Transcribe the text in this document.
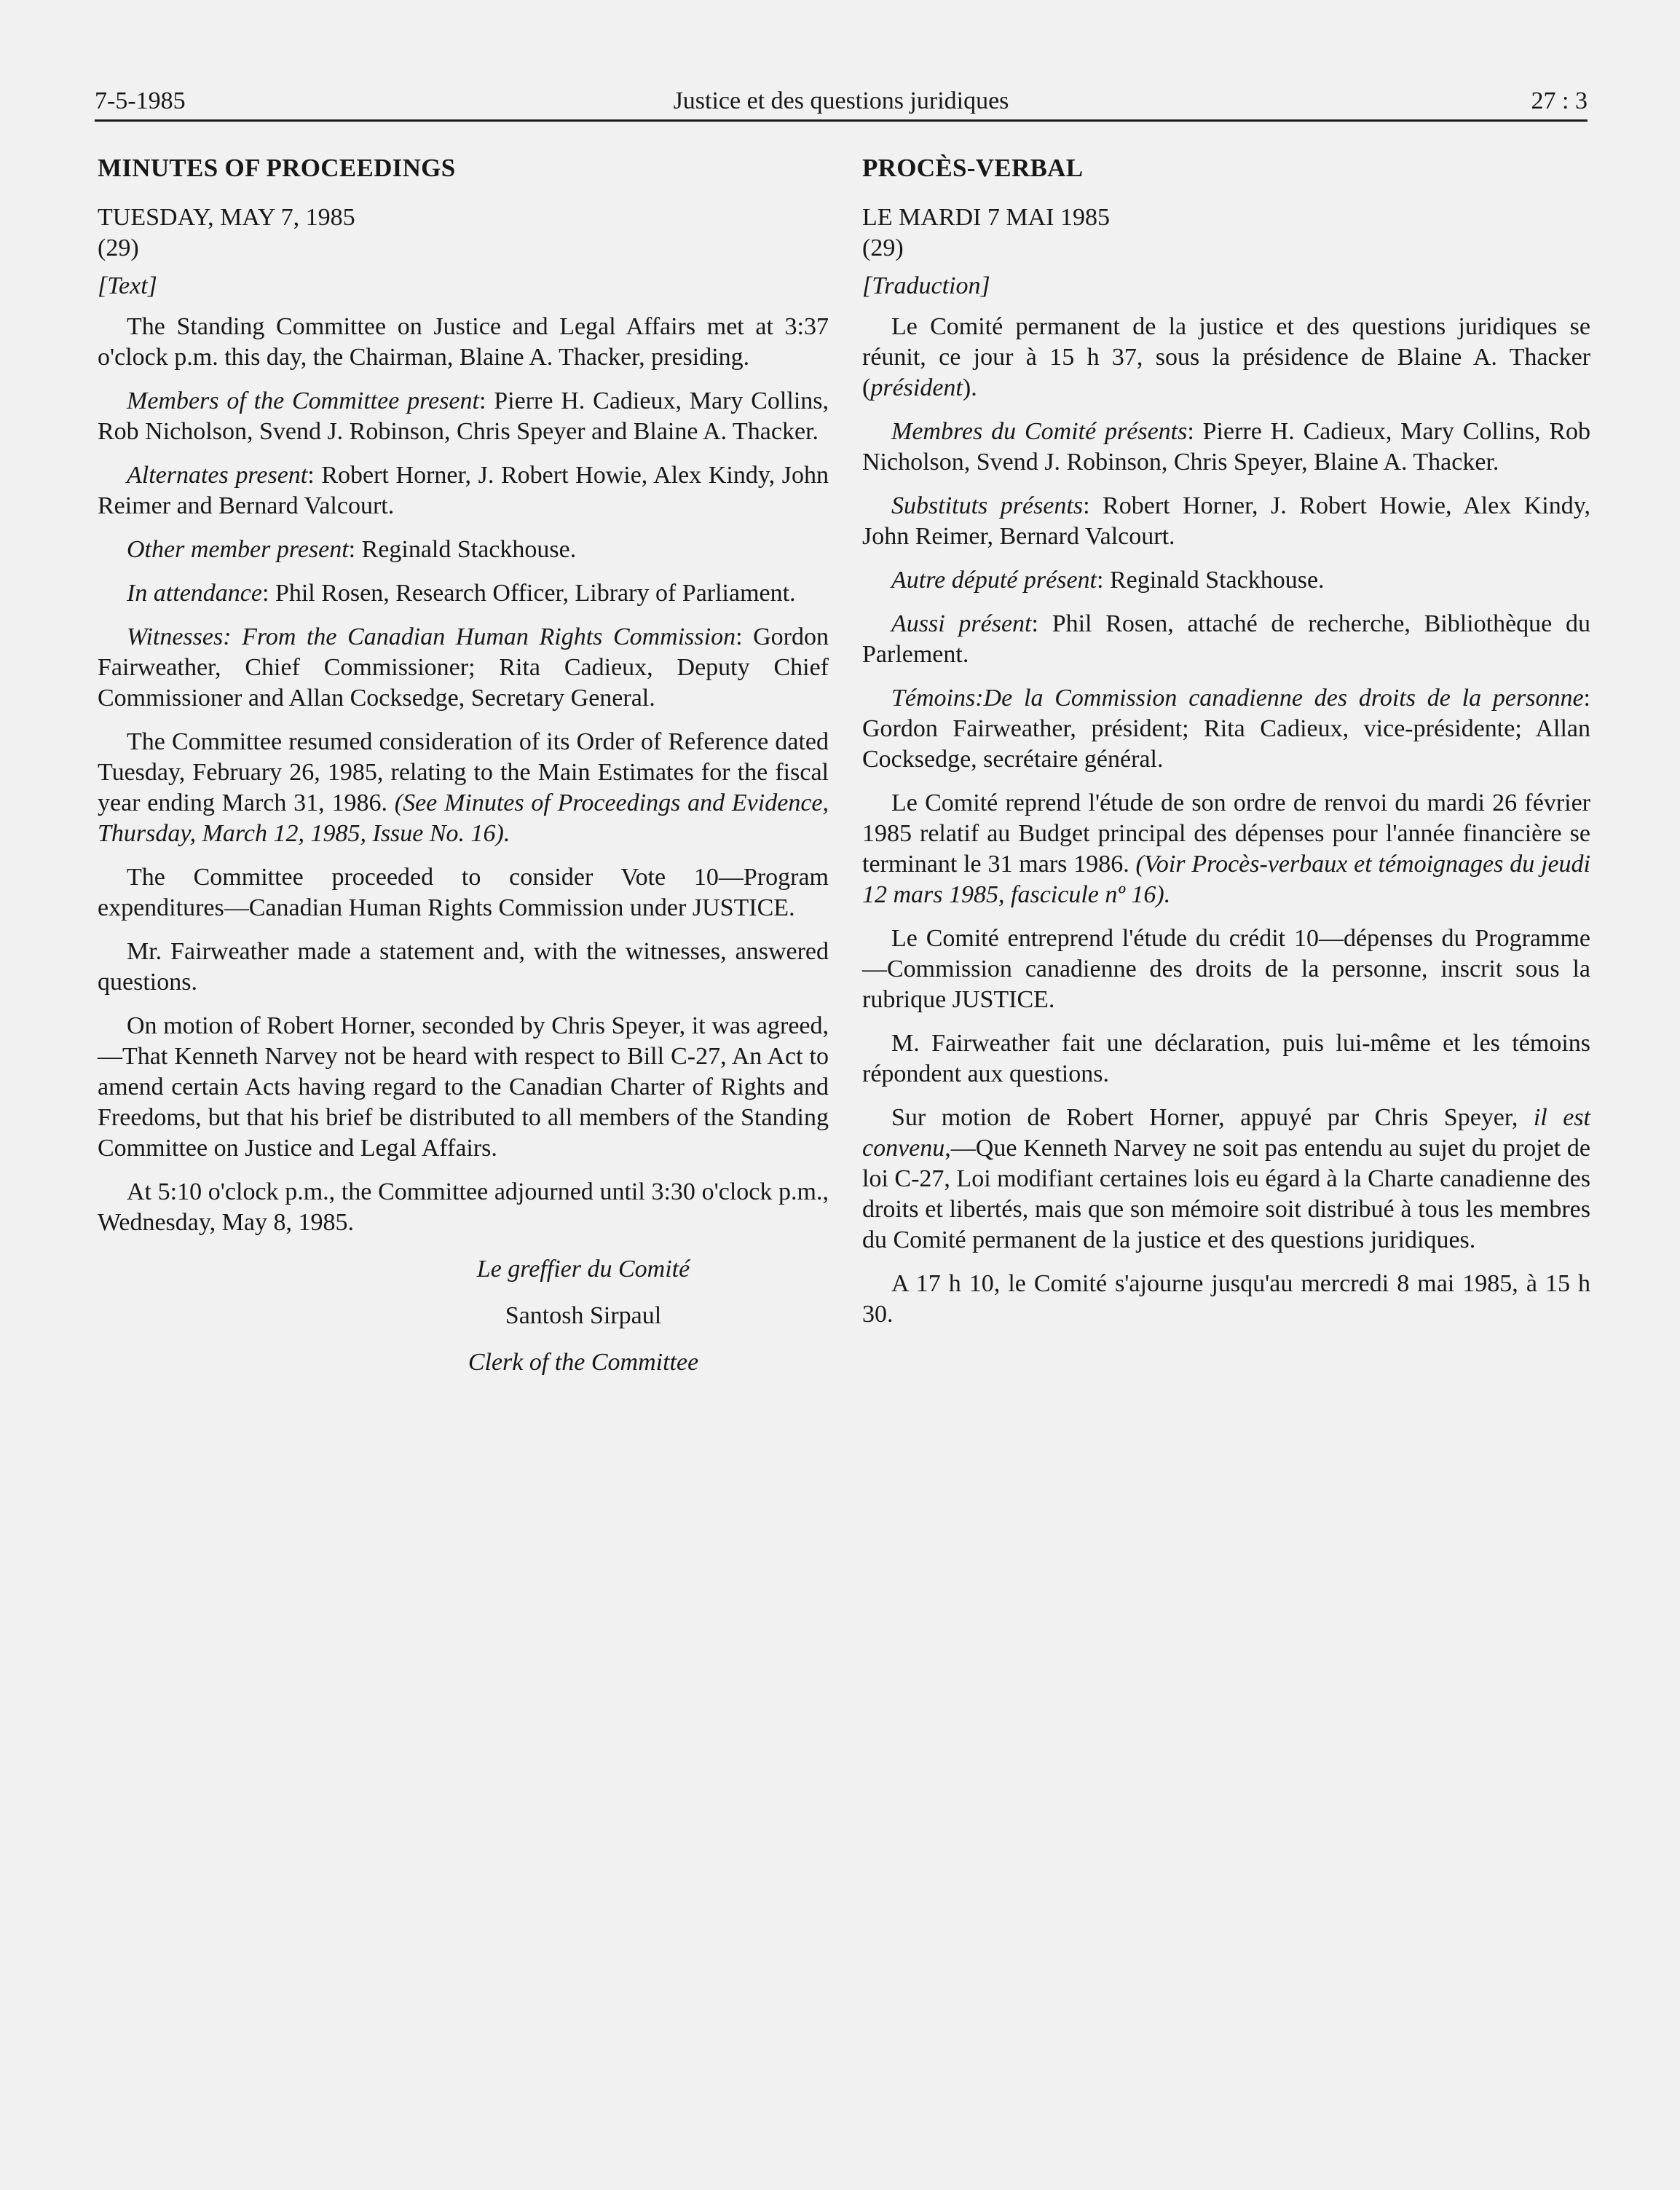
7-5-1985	Justice et des questions juridiques	27 : 3
MINUTES OF PROCEEDINGS
TUESDAY, MAY 7, 1985
(29)
[Text]

The Standing Committee on Justice and Legal Affairs met at 3:37 o'clock p.m. this day, the Chairman, Blaine A. Thacker, presiding.

Members of the Committee present: Pierre H. Cadieux, Mary Collins, Rob Nicholson, Svend J. Robinson, Chris Speyer and Blaine A. Thacker.

Alternates present: Robert Horner, J. Robert Howie, Alex Kindy, John Reimer and Bernard Valcourt.

Other member present: Reginald Stackhouse.

In attendance: Phil Rosen, Research Officer, Library of Parliament.

Witnesses: From the Canadian Human Rights Commission: Gordon Fairweather, Chief Commissioner; Rita Cadieux, Deputy Chief Commissioner and Allan Cocksedge, Secretary General.

The Committee resumed consideration of its Order of Reference dated Tuesday, February 26, 1985, relating to the Main Estimates for the fiscal year ending March 31, 1986. (See Minutes of Proceedings and Evidence, Thursday, March 12, 1985, Issue No. 16).

The Committee proceeded to consider Vote 10—Program expenditures—Canadian Human Rights Commission under JUSTICE.

Mr. Fairweather made a statement and, with the witnesses, answered questions.

On motion of Robert Horner, seconded by Chris Speyer, it was agreed,—That Kenneth Narvey not be heard with respect to Bill C-27, An Act to amend certain Acts having regard to the Canadian Charter of Rights and Freedoms, but that his brief be distributed to all members of the Standing Committee on Justice and Legal Affairs.

At 5:10 o'clock p.m., the Committee adjourned until 3:30 o'clock p.m., Wednesday, May 8, 1985.

Le greffier du Comité
Santosh Sirpaul
Clerk of the Committee
PROCÈS-VERBAL
LE MARDI 7 MAI 1985
(29)
[Traduction]

Le Comité permanent de la justice et des questions juridiques se réunit, ce jour à 15 h 37, sous la présidence de Blaine A. Thacker (président).

Membres du Comité présents: Pierre H. Cadieux, Mary Collins, Rob Nicholson, Svend J. Robinson, Chris Speyer, Blaine A. Thacker.

Substituts présents: Robert Horner, J. Robert Howie, Alex Kindy, John Reimer, Bernard Valcourt.

Autre député présent: Reginald Stackhouse.

Aussi présent: Phil Rosen, attaché de recherche, Bibliothèque du Parlement.

Témoins:De la Commission canadienne des droits de la personne: Gordon Fairweather, président; Rita Cadieux, vice-présidente; Allan Cocksedge, secrétaire général.

Le Comité reprend l'étude de son ordre de renvoi du mardi 26 février 1985 relatif au Budget principal des dépenses pour l'année financière se terminant le 31 mars 1986. (Voir Procès-verbaux et témoignages du jeudi 12 mars 1985, fascicule nº 16).

Le Comité entreprend l'étude du crédit 10—dépenses du Programme—Commission canadienne des droits de la personne, inscrit sous la rubrique JUSTICE.

M. Fairweather fait une déclaration, puis lui-même et les témoins répondent aux questions.

Sur motion de Robert Horner, appuyé par Chris Speyer, il est convenu,—Que Kenneth Narvey ne soit pas entendu au sujet du projet de loi C-27, Loi modifiant certaines lois eu égard à la Charte canadienne des droits et libertés, mais que son mémoire soit distribué à tous les membres du Comité permanent de la justice et des questions juridiques.

A 17 h 10, le Comité s'ajourne jusqu'au mercredi 8 mai 1985, à 15 h 30.
